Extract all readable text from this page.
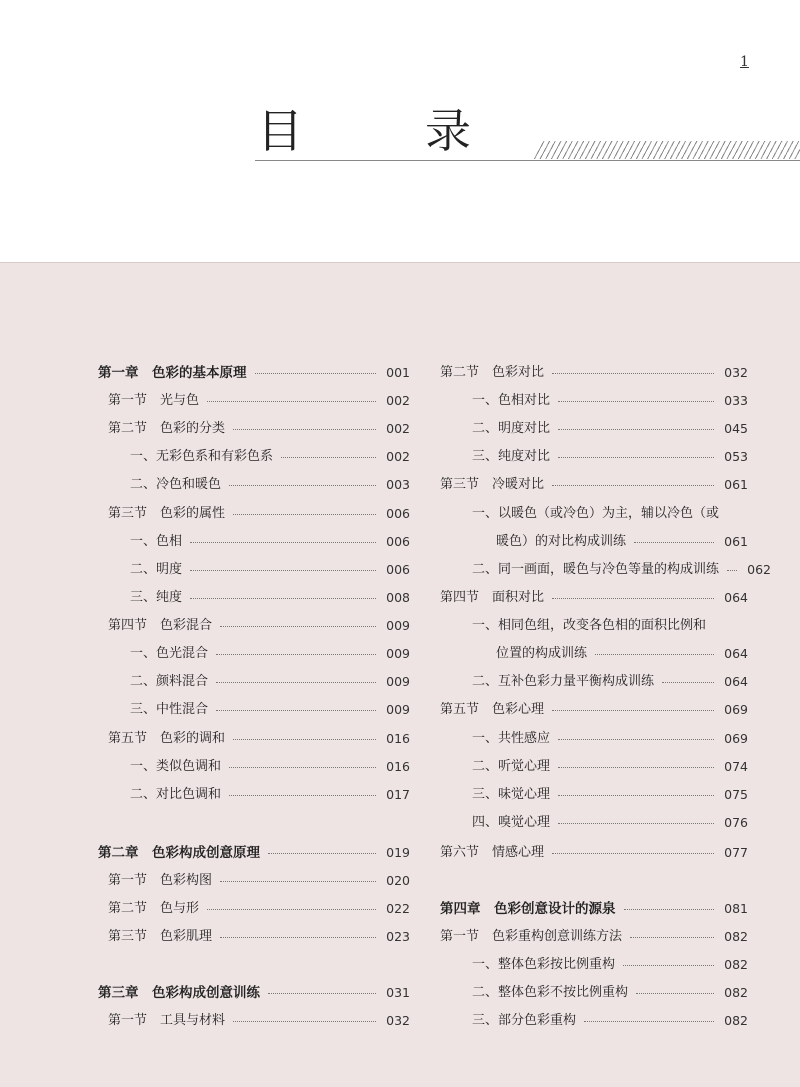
1
目　录
第一章　色彩的基本原理	001
第一节　光与色	002
第二节　色彩的分类	002
一、无彩色系和有彩色系	002
二、冷色和暖色	003
第三节　色彩的属性	006
一、色相	006
二、明度	006
三、纯度	008
第四节　色彩混合	009
一、色光混合	009
二、颜料混合	009
三、中性混合	009
第五节　色彩的调和	016
一、类似色调和	016
二、对比色调和	017
第二章　色彩构成创意原理	019
第一节　色彩构图	020
第二节　色与形	022
第三节　色彩肌理	023
第三章　色彩构成创意训练	031
第一节　工具与材料	032
第二节　色彩对比	032
一、色相对比	033
二、明度对比	045
三、纯度对比	053
第三节　冷暖对比	061
一、以暖色（或冷色）为主，辅以冷色（或
暖色）的对比构成训练	061
二、同一画面，暖色与冷色等量的构成训练 062
第四节　面积对比	064
一、相同色组，改变各色相的面积比例和
位置的构成训练	064
二、互补色彩力量平衡构成训练	064
第五节　色彩心理	069
一、共性感应	069
二、听觉心理	074
三、味觉心理	075
四、嗅觉心理	076
第六节　情感心理	077
第四章　色彩创意设计的源泉	081
第一节　色彩重构创意训练方法	082
一、整体色彩按比例重构	082
二、整体色彩不按比例重构	082
三、部分色彩重构	082
